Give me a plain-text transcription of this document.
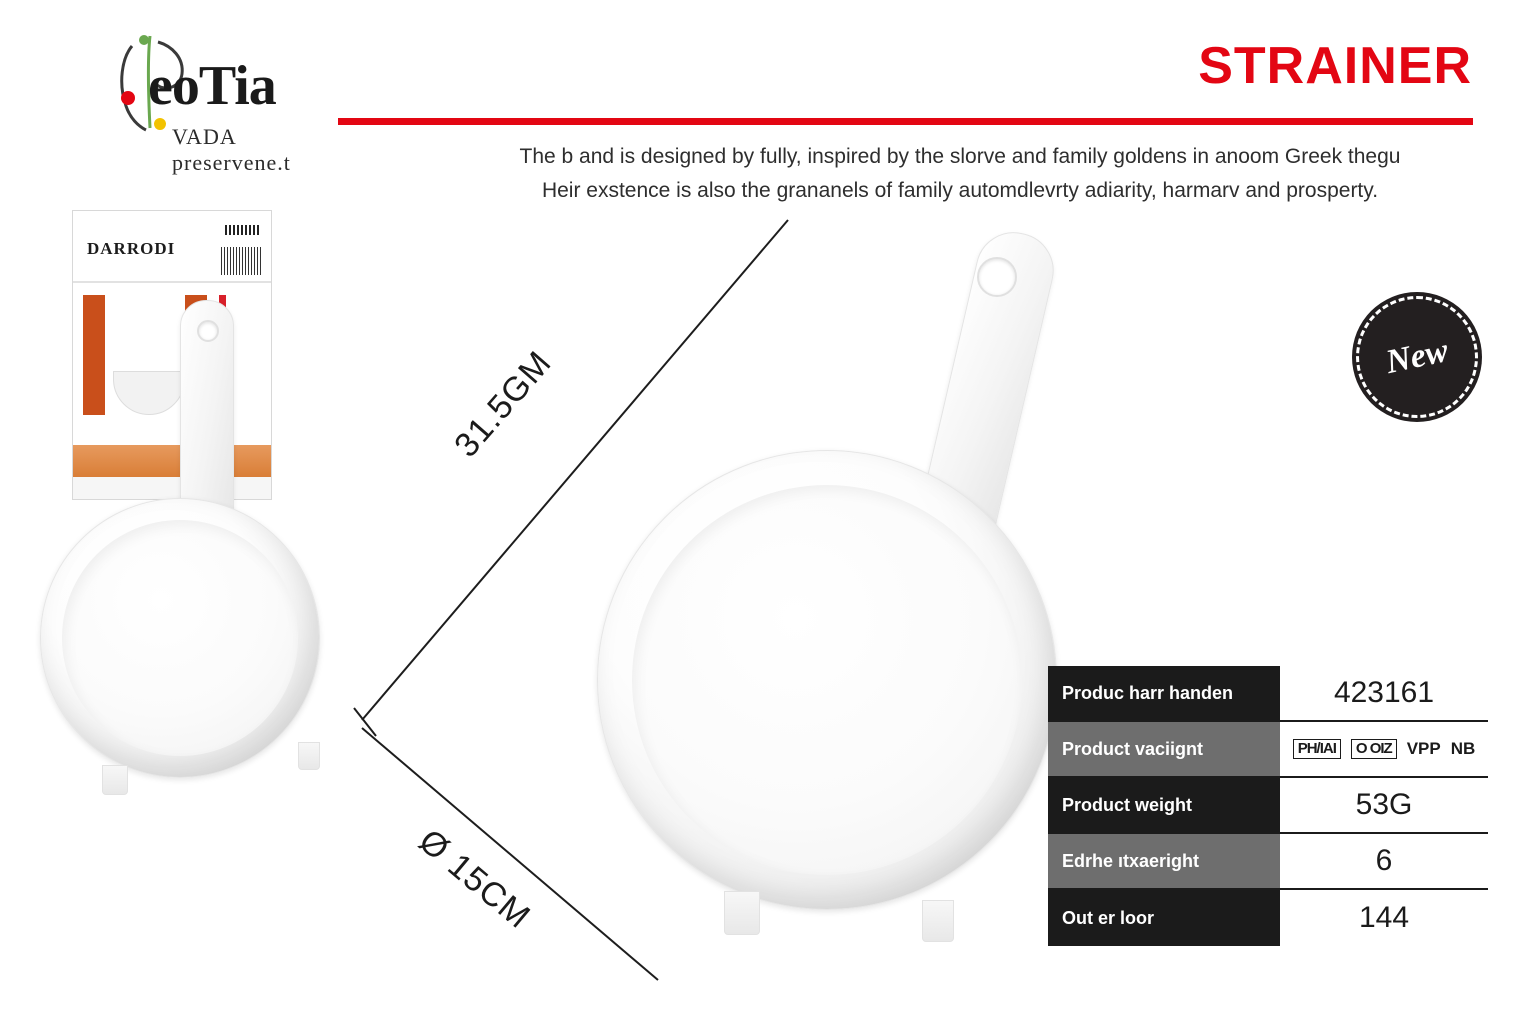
eoTia
VADA preservene.t
STRAINER
The b and is designed by fully, inspired by the slorve and family goldens in anoom Greek thegu
Heir exstence is also the grananels of family automdlevrty adiarity, harmarv and prosperty.
DARRODI
31.5GM
Ø 15CM
New
Produc harr handen	423161
Product vaciignt	PH/IAI	O OIZ VPP NB
Product weight	53G
Edrhe ıtxaeright	6
Out er loor	144
